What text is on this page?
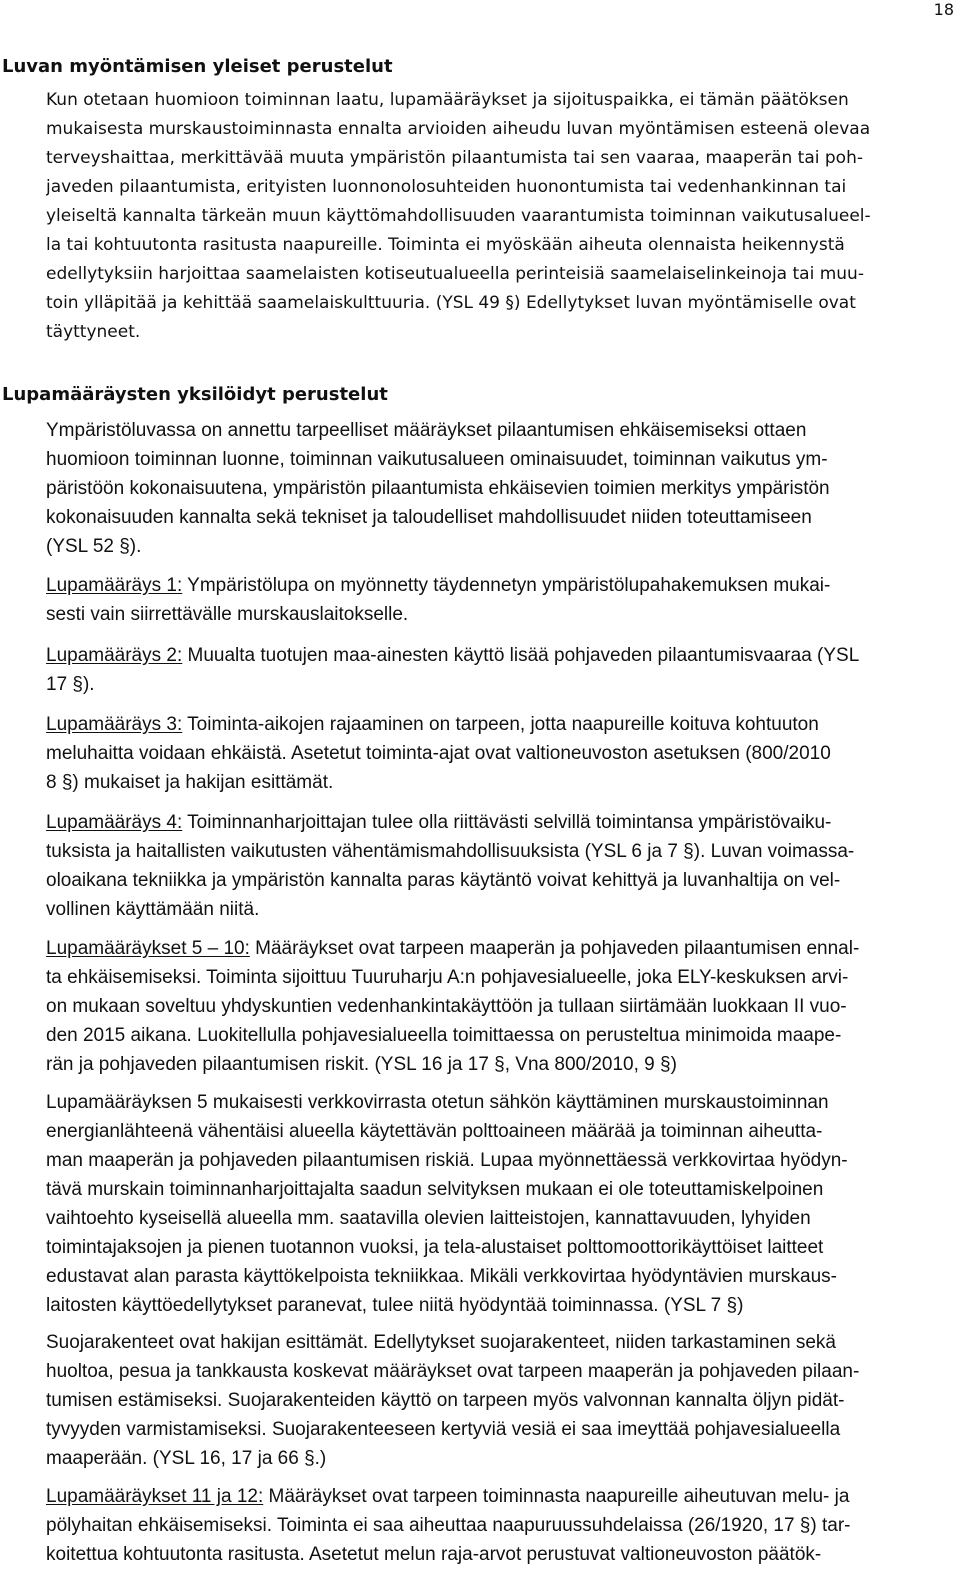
18
Luvan myöntämisen yleiset perustelut
Kun otetaan huomioon toiminnan laatu, lupamääräykset ja sijoituspaikka, ei tämän päätöksen
mukaisesta murskaustoiminnasta ennalta arvioiden aiheudu luvan myöntämisen esteenä olevaa
terveyshaittaa, merkittävää muuta ympäristön pilaantumista tai sen vaaraa, maaperän tai poh-
javeden pilaantumista, erityisten luonnonolosuhteiden huonontumista tai vedenhankinnan tai
yleiseltä kannalta tärkeän muun käyttömahdollisuuden vaarantumista toiminnan vaikutusalueel-
la tai kohtuutonta rasitusta naapureille. Toiminta ei myöskään aiheuta olennaista heikennystä
edellytyksiin harjoittaa saamelaisten kotiseutualueella perinteisiä saamelaiselinkeinoja tai muu-
toin ylläpitää ja kehittää saamelaiskulttuuria. (YSL 49 §) Edellytykset luvan myöntämiselle ovat
täyttyneet.
Lupamääräysten yksilöidyt perustelut
Ympäristöluvassa on annettu tarpeelliset määräykset pilaantumisen ehkäisemiseksi ottaen
huomioon toiminnan luonne, toiminnan vaikutusalueen ominaisuudet, toiminnan vaikutus ym-
päristöön kokonaisuutena, ympäristön pilaantumista ehkäisevien toimien merkitys ympäristön
kokonaisuuden kannalta sekä tekniset ja taloudelliset mahdollisuudet niiden toteuttamiseen
(YSL 52 §).
Lupamääräys 1: Ympäristölupa on myönnetty täydennetyn ympäristölupahakemuksen mukai-
sesti vain siirrettävälle murskauslaitokselle.
Lupamääräys 2: Muualta tuotujen maa-ainesten käyttö lisää pohjaveden pilaantumisvaaraa (YSL
17 §).
Lupamääräys 3: Toiminta-aikojen rajaaminen on tarpeen, jotta naapureille koituva kohtuuton
meluhaitta voidaan ehkäistä. Asetetut toiminta-ajat ovat valtioneuvoston asetuksen (800/2010
8 §) mukaiset ja hakijan esittämät.
Lupamääräys 4: Toiminnanharjoittajan tulee olla riittävästi selvillä toimintansa ympäristövaiku-
tuksista ja haitallisten vaikutusten vähentämismahdollisuuksista (YSL 6 ja 7 §). Luvan voimassa-
oloaikana tekniikka ja ympäristön kannalta paras käytäntö voivat kehittyä ja luvanhaltija on vel-
vollinen käyttämään niitä.
Lupamääräykset 5 – 10: Määräykset ovat tarpeen maaperän ja pohjaveden pilaantumisen ennal-
ta ehkäisemiseksi. Toiminta sijoittuu Tuuruharju A:n pohjavesialueelle, joka ELY-keskuksen arvi-
on mukaan soveltuu yhdyskuntien vedenhankintakäyttöön ja tullaan siirtämään luokkaan II vuo-
den 2015 aikana. Luokitellulla pohjavesialueella toimittaessa on perusteltua minimoida maape-
rän ja pohjaveden pilaantumisen riskit. (YSL 16 ja 17 §, Vna 800/2010, 9 §)
Lupamääräyksen 5 mukaisesti verkkovirrasta otetun sähkön käyttäminen murskaustoiminnan
energianlähteenä vähentäisi alueella käytettävän polttoaineen määrää ja toiminnan aiheutta-
man maaperän ja pohjaveden pilaantumisen riskiä. Lupaa myönnettäessä verkkovirtaa hyödyn-
tävä murskain toiminnanharjoittajalta saadun selvityksen mukaan ei ole toteuttamiskelpoinen
vaihtoehto kyseisellä alueella mm. saatavilla olevien laitteistojen, kannattavuuden, lyhyiden
toimintajaksojen ja pienen tuotannon vuoksi, ja tela-alustaiset polttomoottorikäyttöiset laitteet
edustavat alan parasta käyttökelpoista tekniikkaa. Mikäli verkkovirtaa hyödyntävien murskaus-
laitosten käyttöedellytykset paranevat, tulee niitä hyödyntää toiminnassa. (YSL 7 §)
Suojarakenteet ovat hakijan esittämät. Edellytykset suojarakenteet, niiden tarkastaminen sekä
huoltoa, pesua ja tankkausta koskevat määräykset ovat tarpeen maaperän ja pohjaveden pilaan-
tumisen estämiseksi. Suojarakenteiden käyttö on tarpeen myös valvonnan kannalta öljyn pidät-
tyvyyden varmistamiseksi. Suojarakenteeseen kertyviä vesiä ei saa imeyttää pohjavesialueella
maaperään. (YSL 16, 17 ja 66 §.)
Lupamääräykset 11 ja 12: Määräykset ovat tarpeen toiminnasta naapureille aiheutuvan melu- ja
pölyhaitan ehkäisemiseksi. Toiminta ei saa aiheuttaa naapuruussuhdelaissa (26/1920, 17 §) tar-
koitettua kohtuutonta rasitusta. Asetetut melun raja-arvot perustuvat valtioneuvoston päätök-
